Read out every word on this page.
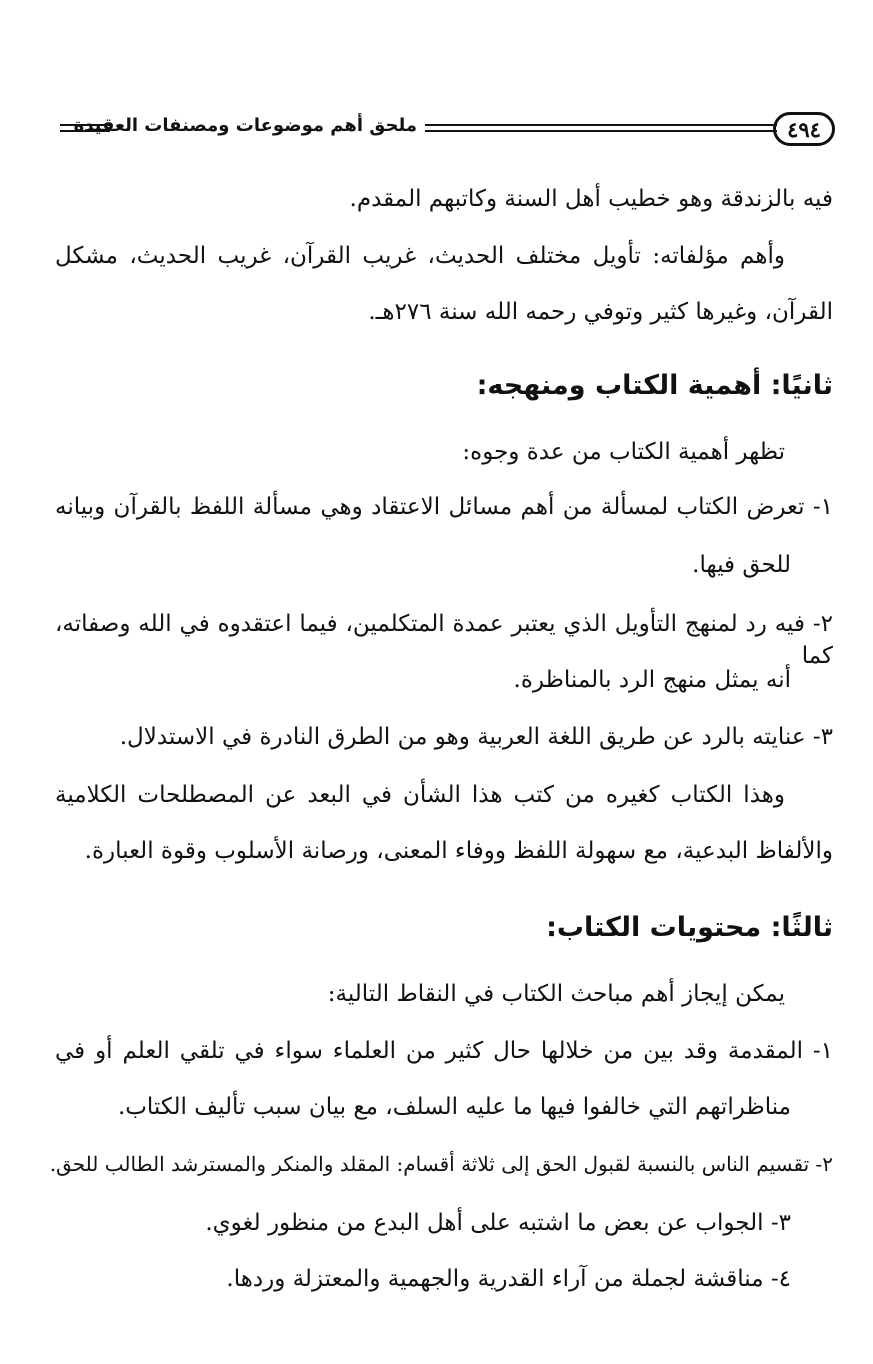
٤٩٤
ملحق أهم موضوعات ومصنفات العقيدة
فيه بالزندقة وهو خطيب أهل السنة وكاتبهم المقدم.
وأهم مؤلفاته: تأويل مختلف الحديث، غريب القرآن، غريب الحديث، مشكل
القرآن، وغيرها كثير وتوفي رحمه الله سنة ٢٧٦هـ.
ثانيًا: أهمية الكتاب ومنهجه:
تظهر أهمية الكتاب من عدة وجوه:
١- تعرض الكتاب لمسألة من أهم مسائل الاعتقاد وهي مسألة اللفظ بالقرآن وبيانه
للحق فيها.
٢- فيه رد لمنهج التأويل الذي يعتبر عمدة المتكلمين، فيما اعتقدوه في الله وصفاته، كما
أنه يمثل منهج الرد بالمناظرة.
٣- عنايته بالرد عن طريق اللغة العربية وهو من الطرق النادرة في الاستدلال.
وهذا الكتاب كغيره من كتب هذا الشأن في البعد عن المصطلحات الكلامية
والألفاظ البدعية، مع سهولة اللفظ ووفاء المعنى، ورصانة الأسلوب وقوة العبارة.
ثالثًا: محتويات الكتاب:
يمكن إيجاز أهم مباحث الكتاب في النقاط التالية:
١- المقدمة وقد بين من خلالها حال كثير من العلماء سواء في تلقي العلم أو في
مناظراتهم التي خالفوا فيها ما عليه السلف، مع بيان سبب تأليف الكتاب.
٢- تقسيم الناس بالنسبة لقبول الحق إلى ثلاثة أقسام: المقلد والمنكر والمسترشد الطالب للحق.
٣- الجواب عن بعض ما اشتبه على أهل البدع من منظور لغوي.
٤- مناقشة لجملة من آراء القدرية والجهمية والمعتزلة وردها.
